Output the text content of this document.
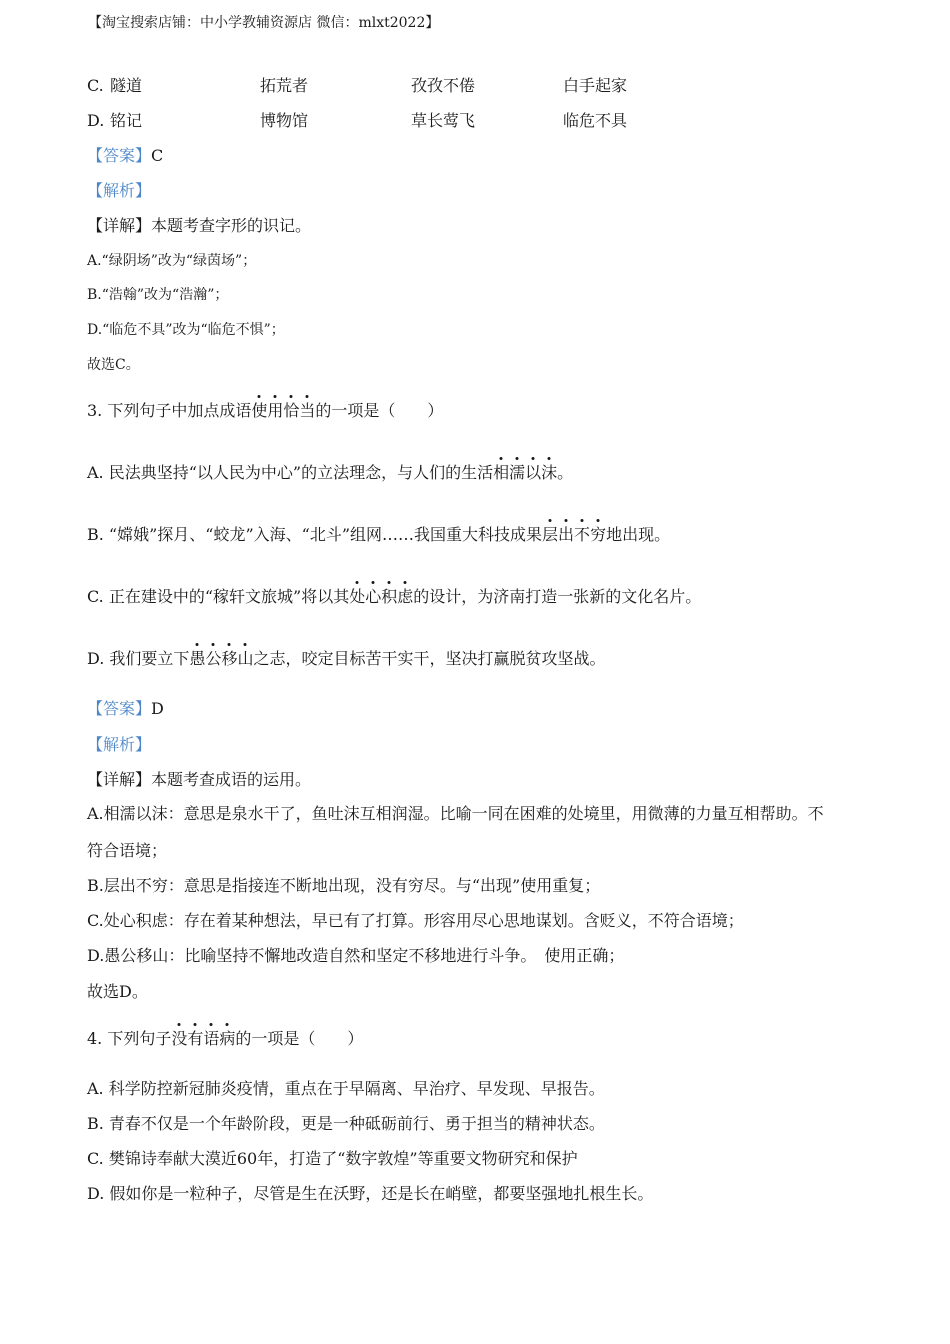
【淘宝搜索店铺：中小学教辅资源店 微信：mlxt2022】
C. 隧道	拓荒者	孜孜不倦	白手起家
D. 铭记	博物馆	草长莺飞	临危不具
【答案】C
【解析】
【详解】本题考查字形的识记。
A.“绿阴场”改为“绿茵场”；
B.“浩翰”改为“浩瀚”；
D.“临危不具”改为“临危不惧”；
故选C。
3. 下列句子中加点成语使用恰当的一项是（　　）
A. 民法典坚持“以人民为中心”的立法理念，与人们的生活相濡以沫。
B. “嫦娥”探月、“蛟龙”入海、“北斗”组网……我国重大科技成果层出不穷地出现。
C. 正在建设中的“稼轩文旅城”将以其处心积虑的设计，为济南打造一张新的文化名片。
D. 我们要立下愚公移山之志，咬定目标苦干实干，坚决打赢脱贫攻坚战。
【答案】D
【解析】
【详解】本题考查成语的运用。
A.相濡以沫：意思是泉水干了，鱼吐沫互相润湿。比喻一同在困难的处境里，用微薄的力量互相帮助。不
符合语境；
B.层出不穷：意思是指接连不断地出现，没有穷尽。与“出现”使用重复；
C.处心积虑：存在着某种想法，早已有了打算。形容用尽心思地谋划。含贬义，不符合语境；
D.愚公移山：比喻坚持不懈地改造自然和坚定不移地进行斗争。　使用正确；
故选D。
4. 下列句子没有语病的一项是（　　）
A. 科学防控新冠肺炎疫情，重点在于早隔离、早治疗、早发现、早报告。
B. 青春不仅是一个年龄阶段，更是一种砥砺前行、勇于担当的精神状态。
C. 樊锦诗奉献大漠近60年，打造了“数字敦煌”等重要文物研究和保护
D. 假如你是一粒种子，尽管是生在沃野，还是长在峭壁，都要坚强地扎根生长。
